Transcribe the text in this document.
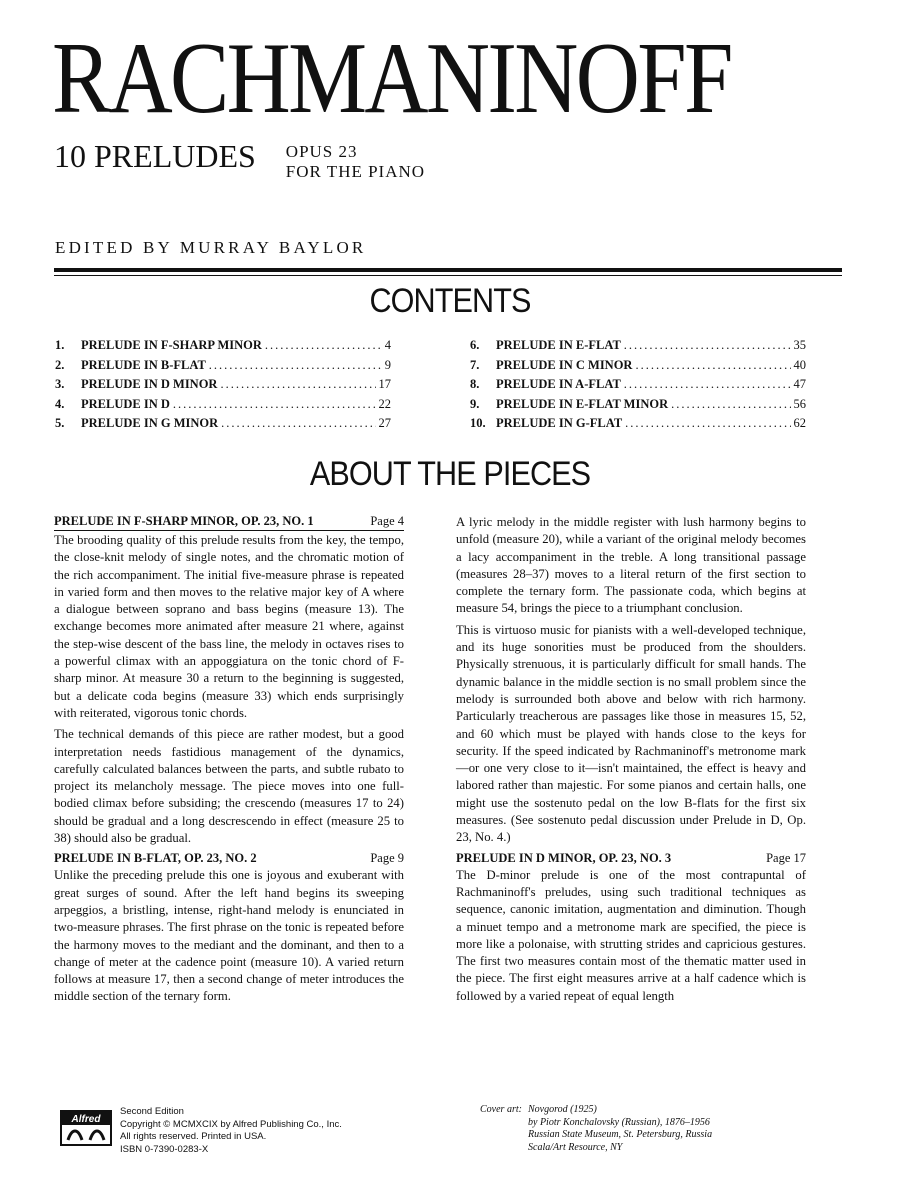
RACHMANINOFF
10 PRELUDES OPUS 23
FOR THE PIANO
EDITED BY MURRAY BAYLOR
CONTENTS
1.	PRELUDE IN F-SHARP MINOR .....	4
2.	PRELUDE IN B-FLAT .....	9
3.	PRELUDE IN D MINOR .....	17
4.	PRELUDE IN D .....	22
5.	PRELUDE IN G MINOR .....	27
6.	PRELUDE IN E-FLAT .....	35
7.	PRELUDE IN C MINOR .....	40
8.	PRELUDE IN A-FLAT .....	47
9.	PRELUDE IN E-FLAT MINOR .....	56
10. PRELUDE IN G-FLAT .....	62
ABOUT THE PIECES
PRELUDE IN F-SHARP MINOR, OP. 23, NO. 1	Page 4

The brooding quality of this prelude results from the key, the tempo, the close-knit melody of single notes, and the chromatic motion of the rich accompaniment. The initial five-measure phrase is repeated in varied form and then moves to the relative major key of A where a dialogue between soprano and bass begins (measure 13). The exchange becomes more animated after measure 21 where, against the step-wise descent of the bass line, the melody in octaves rises to a powerful climax with an appoggiatura on the tonic chord of F-sharp minor. At measure 30 a return to the beginning is suggested, but a delicate coda begins (measure 33) which ends surprisingly with reiterated, vigorous tonic chords.

The technical demands of this piece are rather modest, but a good interpretation needs fastidious management of the dynamics, carefully calculated balances between the parts, and subtle rubato to project its melancholy message. The piece moves into one full-bodied climax before subsiding; the crescendo (measures 17 to 24) should be gradual and a long descrescendo in effect (measure 25 to 38) should also be gradual.

PRELUDE IN B-FLAT, OP. 23, NO. 2	Page 9

Unlike the preceding prelude this one is joyous and exuberant with great surges of sound. After the left hand begins its sweeping arpeggios, a bristling, intense, right-hand melody is enunciated in two-measure phrases. The first phrase on the tonic is repeated before the harmony moves to the mediant and the dominant, and then to a change of meter at the cadence point (measure 10). A varied return follows at measure 17, then a second change of meter introduces the middle section of the ternary form.

A lyric melody in the middle register with lush harmony begins to unfold (measure 20), while a variant of the original melody becomes a lacy accompaniment in the treble. A long transitional passage (measures 28–37) moves to a literal return of the first section to complete the ternary form. The passionate coda, which begins at measure 54, brings the piece to a triumphant conclusion.

This is virtuoso music for pianists with a well-developed technique, and its huge sonorities must be produced from the shoulders. Physically strenuous, it is particularly difficult for small hands. The dynamic balance in the middle section is no small problem since the melody is surrounded both above and below with rich harmony. Particularly treacherous are passages like those in measures 15, 52, and 60 which must be played with hands close to the keys for security. If the speed indicated by Rachmaninoff's metronome mark—or one very close to it—isn't maintained, the effect is heavy and labored rather than majestic. For some pianos and certain halls, one might use the sostenuto pedal on the low B-flats for the first six measures. (See sostenuto pedal discussion under Prelude in D, Op. 23, No. 4.)

PRELUDE IN D MINOR, OP. 23, NO. 3	Page 17

The D-minor prelude is one of the most contrapuntal of Rachmaninoff's preludes, using such traditional techniques as sequence, canonic imitation, augmentation and diminution. Though a minuet tempo and a metronome mark are specified, the piece is more like a polonaise, with strutting strides and capricious gestures. The first two measures contain most of the thematic matter used in the piece. The first eight measures arrive at a half cadence which is followed by a varied repeat of equal length

Alfred
Second Edition
Copyright © MCMXCIX by Alfred Publishing Co., Inc.
All rights reserved. Printed in USA.
ISBN 0-7390-0283-X
Cover art: Novgorod (1925)
by Piotr Konchalovsky (Russian), 1876–1956
Russian State Museum, St. Petersburg, Russia
Scala/Art Resource, NY
